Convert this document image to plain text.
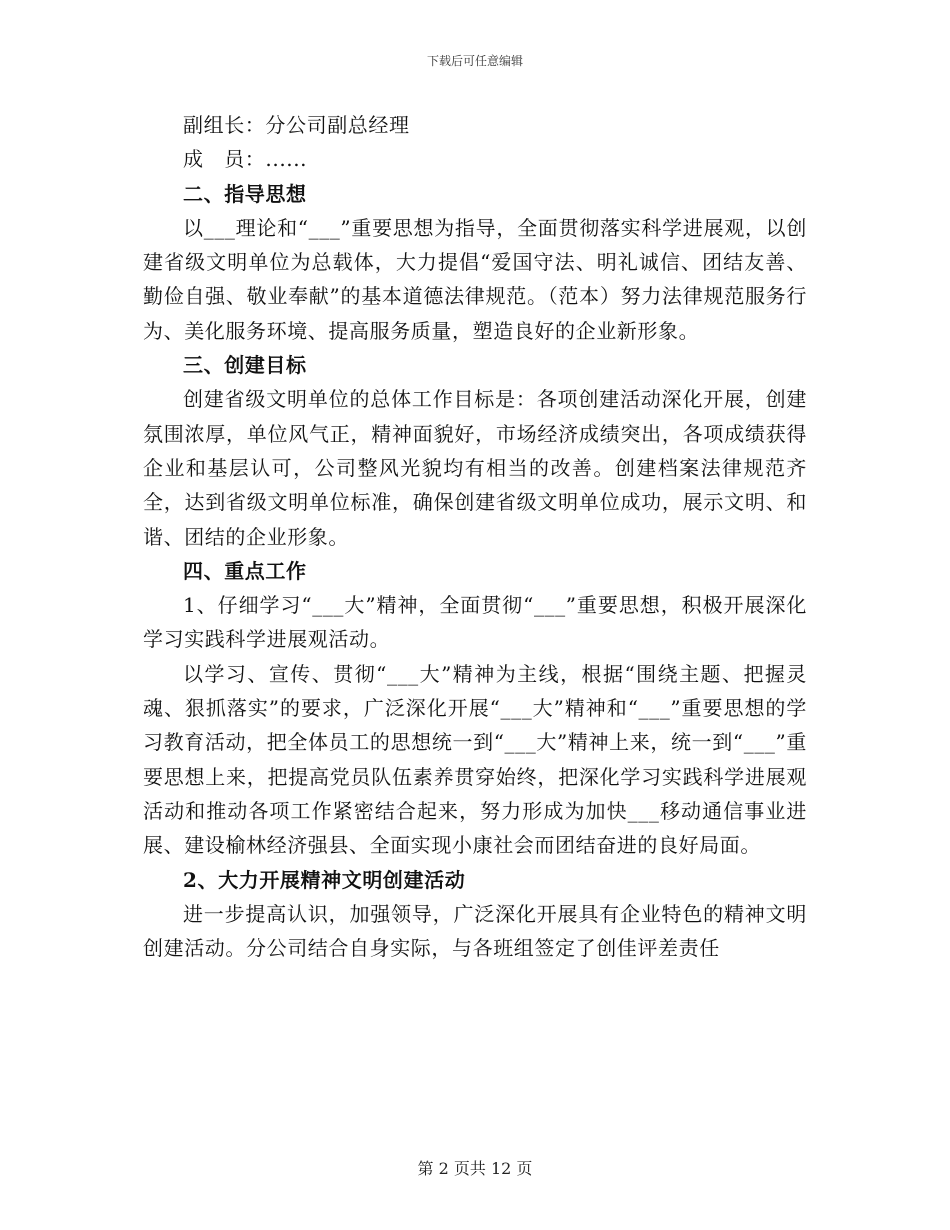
下载后可任意编辑

副组长：分公司副总经理

成　员：......

二、指导思想

以___理论和“___”重要思想为指导，全面贯彻落实科学进展观，以创建省级文明单位为总载体，大力提倡“爱国守法、明礼诚信、团结友善、勤俭自强、敬业奉献”的基本道德法律规范。（范本）努力法律规范服务行为、美化服务环境、提高服务质量，塑造良好的企业新形象。

三、创建目标

创建省级文明单位的总体工作目标是：各项创建活动深化开展，创建氛围浓厚，单位风气正，精神面貌好，市场经济成绩突出，各项成绩获得企业和基层认可，公司整风光貌均有相当的改善。创建档案法律规范齐全，达到省级文明单位标准，确保创建省级文明单位成功，展示文明、和谐、团结的企业形象。

四、重点工作

1、仔细学习“___大”精神，全面贯彻“___”重要思想，积极开展深化学习实践科学进展观活动。

以学习、宣传、贯彻“___大”精神为主线，根据“围绕主题、把握灵魂、狠抓落实”的要求，广泛深化开展“___大”精神和“___”重要思想的学习教育活动，把全体员工的思想统一到“___大”精神上来，统一到“___”重要思想上来，把提高党员队伍素养贯穿始终，把深化学习实践科学进展观活动和推动各项工作紧密结合起来，努力形成为加快___移动通信事业进展、建设榆林经济强县、全面实现小康社会而团结奋进的良好局面。

2、大力开展精神文明创建活动

进一步提高认识，加强领导，广泛深化开展具有企业特色的精神文明创建活动。分公司结合自身实际，与各班组签定了创佳评差责任

第 2 页共 12 页
